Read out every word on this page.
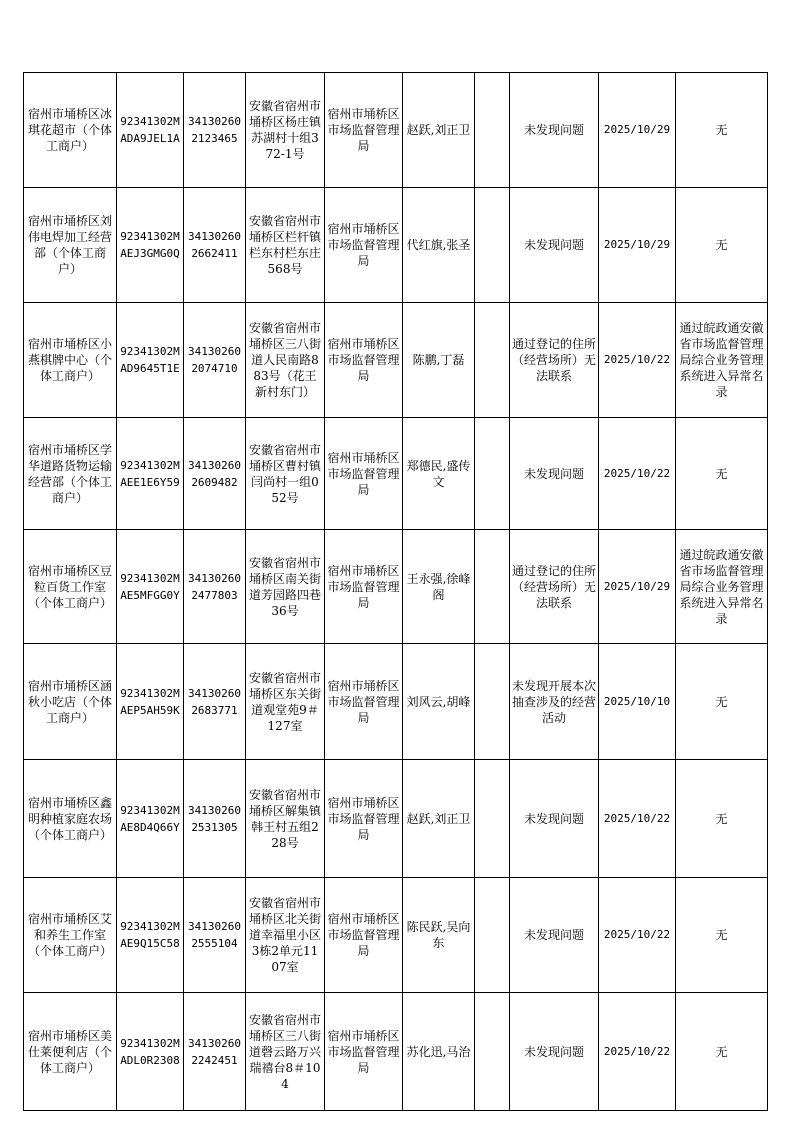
宿州市埇桥区冰琪花超市（个体工商户）	92341302MADA9JEL1A	341302602123465	安徽省宿州市埇桥区杨庄镇苏湖村十组372-1号	宿州市埇桥区市场监督管理局	赵跃,刘正卫		未发现问题	2025/10/29	无
宿州市埇桥区刘伟电焊加工经营部（个体工商户）	92341302MAEJ3GMG0Q	341302602662411	安徽省宿州市埇桥区栏杆镇栏东村栏东庄568号	宿州市埇桥区市场监督管理局	代红旗,张圣		未发现问题	2025/10/29	无
宿州市埇桥区小燕棋牌中心（个体工商户）	92341302MAD9645T1E	341302602074710	安徽省宿州市埇桥区三八街道人民南路883号（花王新村东门）	宿州市埇桥区市场监督管理局	陈鹏,丁磊		通过登记的住所（经营场所）无法联系	2025/10/22	通过皖政通安徽省市场监督管理局综合业务管理系统进入异常名录
宿州市埇桥区学华道路货物运输经营部（个体工商户）	92341302MAEE1E6Y59	341302602609482	安徽省宿州市埇桥区曹村镇闫尚村一组052号	宿州市埇桥区市场监督管理局	郑德民,盛传文		未发现问题	2025/10/22	无
宿州市埇桥区豆粒百货工作室（个体工商户）	92341302MAE5MFGG0Y	341302602477803	安徽省宿州市埇桥区南关街道芳园路四巷36号	宿州市埇桥区市场监督管理局	王永强,徐峰阁		通过登记的住所（经营场所）无法联系	2025/10/29	通过皖政通安徽省市场监督管理局综合业务管理系统进入异常名录
宿州市埇桥区涵秋小吃店（个体工商户）	92341302MAEP5AH59K	341302602683771	安徽省宿州市埇桥区东关街道观堂苑9＃127室	宿州市埇桥区市场监督管理局	刘风云,胡峰		未发现开展本次抽查涉及的经营活动	2025/10/10	无
宿州市埇桥区鑫明种植家庭农场（个体工商户）	92341302MAE8D4Q66Y	341302602531305	安徽省宿州市埇桥区解集镇韩王村五组228号	宿州市埇桥区市场监督管理局	赵跃,刘正卫		未发现问题	2025/10/22	无
宿州市埇桥区艾和养生工作室（个体工商户）	92341302MAE9Q15C58	341302602555104	安徽省宿州市埇桥区北关街道幸福里小区3栋2单元1107室	宿州市埇桥区市场监督管理局	陈民跃,吴向东		未发现问题	2025/10/22	无
宿州市埇桥区美仕莱便利店（个体工商户）	92341302MADL0R2308	341302602242451	安徽省宿州市埇桥区三八街道磬云路万兴瑞禧台8＃104	宿州市埇桥区市场监督管理局	苏化迅,马治		未发现问题	2025/10/22	无
